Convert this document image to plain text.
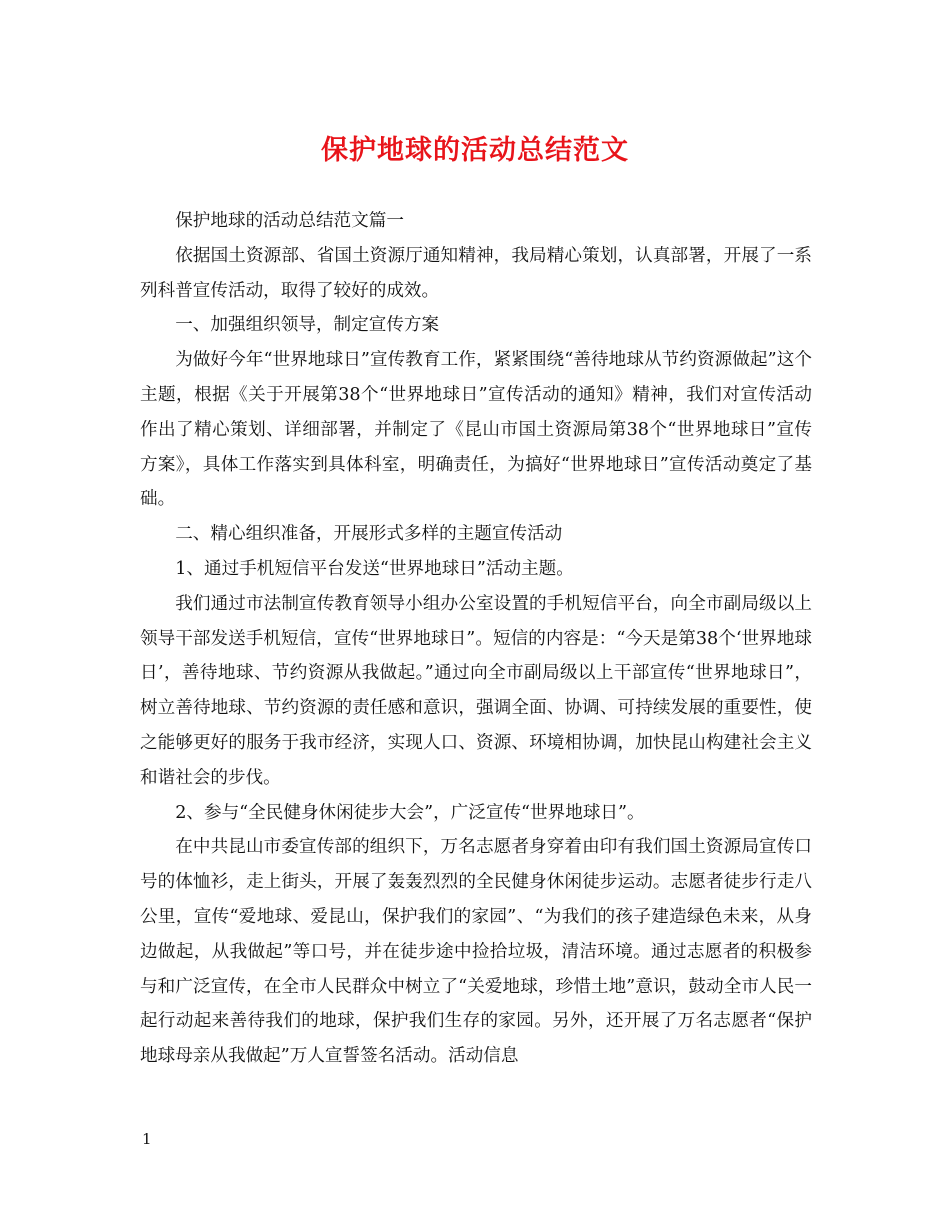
保护地球的活动总结范文

保护地球的活动总结范文篇一

依据国土资源部、省国土资源厅通知精神，我局精心策划，认真部署，开展了一系列科普宣传活动，取得了较好的成效。

一、加强组织领导，制定宣传方案

为做好今年“世界地球日”宣传教育工作，紧紧围绕“善待地球从节约资源做起”这个主题，根据《关于开展第38个“世界地球日”宣传活动的通知》精神，我们对宣传活动作出了精心策划、详细部署，并制定了《昆山市国土资源局第38个“世界地球日”宣传方案》，具体工作落实到具体科室，明确责任，为搞好“世界地球日”宣传活动奠定了基础。

二、精心组织准备，开展形式多样的主题宣传活动

1、通过手机短信平台发送“世界地球日”活动主题。

我们通过市法制宣传教育领导小组办公室设置的手机短信平台，向全市副局级以上领导干部发送手机短信，宣传“世界地球日”。短信的内容是：“今天是第38个‘世界地球日’，善待地球、节约资源从我做起。”通过向全市副局级以上干部宣传“世界地球日”，树立善待地球、节约资源的责任感和意识，强调全面、协调、可持续发展的重要性，使之能够更好的服务于我市经济，实现人口、资源、环境相协调，加快昆山构建社会主义和谐社会的步伐。

2、参与“全民健身休闲徒步大会”，广泛宣传“世界地球日”。

在中共昆山市委宣传部的组织下，万名志愿者身穿着由印有我们国土资源局宣传口号的体恤衫，走上街头，开展了轰轰烈烈的全民健身休闲徒步运动。志愿者徒步行走八公里，宣传“爱地球、爱昆山，保护我们的家园”、“为我们的孩子建造绿色未来，从身边做起，从我做起”等口号，并在徒步途中捡拾垃圾，清洁环境。通过志愿者的积极参与和广泛宣传，在全市人民群众中树立了“关爱地球，珍惜土地”意识，鼓动全市人民一起行动起来善待我们的地球，保护我们生存的家园。另外，还开展了万名志愿者“保护地球母亲从我做起”万人宣誓签名活动。活动信息

1
